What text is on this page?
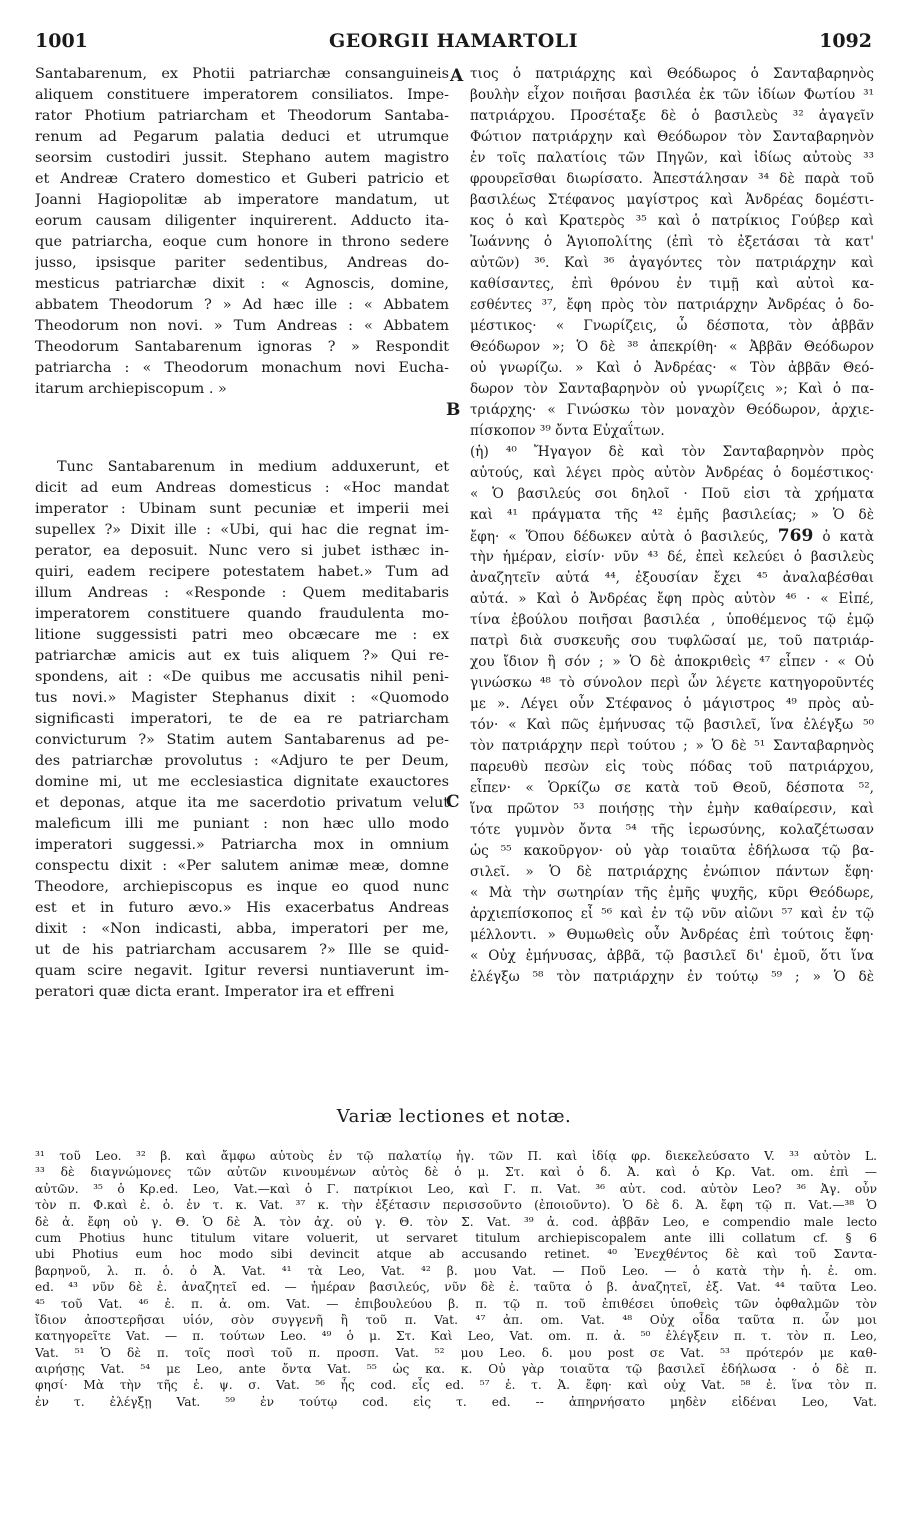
1001	GEORGII HAMARTOLI	1092
A
B
C
Santabarenum, ex Photii patriarchæ consanguineis
aliquem constituere imperatorem consiliatos. Impe-
rator Photium patriarcham et Theodorum Santaba-
renum ad Pegarum palatia deduci et utrumque
seorsim custodiri jussit. Stephano autem magistro
et Andreæ Cratero domestico et Guberi patricio et
Joanni Hagiopolitæ ab imperatore mandatum, ut
eorum causam diligenter inquirerent. Adducto ita-
que patriarcha, eoque cum honore in throno sedere
jusso, ipsisque pariter sedentibus, Andreas do-
mesticus patriarchæ dixit : « Agnoscis, domine,
abbatem Theodorum ? » Ad hæc ille : « Abbatem
Theodorum non novi. » Tum Andreas : « Abbatem
Theodorum Santabarenum ignoras ? » Respondit
patriarcha : « Theodorum monachum novi Eucha-
itarum archiepiscopum . »
Tunc Santabarenum in medium adduxerunt, et
dicit ad eum Andreas domesticus : «Hoc mandat
imperator : Ubinam sunt pecuniæ et imperii mei
supellex ?» Dixit ille : «Ubi, qui hac die regnat im-
perator, ea deposuit. Nunc vero si jubet isthæc in-
quiri, eadem recipere potestatem habet.» Tum ad
illum Andreas : «Responde : Quem meditabaris
imperatorem constituere quando fraudulenta mo-
litione suggessisti patri meo obcæcare me : ex
patriarchæ amicis aut ex tuis aliquem ?» Qui re-
spondens, ait : «De quibus me accusatis nihil peni-
tus novi.» Magister Stephanus dixit : «Quomodo
significasti imperatori, te de ea re patriarcham
convicturum ?» Statim autem Santabarenus ad pe-
des patriarchæ provolutus : «Adjuro te per Deum,
domine mi, ut me ecclesiastica dignitate exauctores
et deponas, atque ita me sacerdotio privatum velut
maleficum illi me puniant : non hæc ullo modo
imperatori suggessi.» Patriarcha mox in omnium
conspectu dixit : «Per salutem animæ meæ, domne
Theodore, archiepiscopus es inque eo quod nunc
est et in futuro ævo.» His exacerbatus Andreas
dixit : «Non indicasti, abba, imperatori per me,
ut de his patriarcham accusarem ?» Ille se quid-
quam scire negavit. Igitur reversi nuntiaverunt im-
peratori quæ dicta erant. Imperator ira et effreni
τιος ὁ πατριάρχης καὶ Θεόδωρος ὁ Σανταβαρηνὸς
βουλὴν εἶχον ποιῆσαι βασιλέα ἐκ τῶν ἰδίων Φωτίου ³¹
πατριάρχου. Προσέταξε δὲ ὁ βασιλεὺς ³² ἀγαγεῖν
Φώτιον πατριάρχην καὶ Θεόδωρον τὸν Σανταβαρηνὸν
ἐν τοῖς παλατίοις τῶν Πηγῶν, καὶ ἰδίως αὐτοὺς ³³
φρουρεῖσθαι διωρίσατο. Ἀπεστάλησαν ³⁴ δὲ παρὰ τοῦ
βασιλέως Στέφανος μαγίστρος καὶ Ἀνδρέας δομέστι-
κος ὁ καὶ Κρατερὸς ³⁵ καὶ ὁ πατρίκιος Γούβερ καὶ
Ἰωάννης ὁ Ἁγιοπολίτης (ἐπὶ τὸ ἐξετάσαι τὰ κατ'
αὐτῶν) ³⁶. Καὶ ³⁶ ἀγαγόντες τὸν πατριάρχην καὶ
καθίσαντες, ἐπὶ θρόνου ἐν τιμῇ καὶ αὐτοὶ κα-
εσθέντες ³⁷, ἔφη πρὸς τὸν πατριάρχην Ἀνδρέας ὁ δο-
μέστικος· « Γνωρίζεις, ὦ δέσποτα, τὸν ἀββᾶν
Θεόδωρον »; Ὁ δὲ ³⁸ ἀπεκρίθη· « Ἀββᾶν Θεόδωρον
οὐ γνωρίζω. » Καὶ ὁ Ἀνδρέας· « Τὸν ἀββᾶν Θεό-
δωρον τὸν Σανταβαρηνὸν οὐ γνωρίζεις »; Καὶ ὁ πα-
τριάρχης· « Γινώσκω τὸν μοναχὸν Θεόδωρον, ἀρχιε-
πίσκοπον ³⁹ ὄντα Εὐχαΐτων.
(ἡ) ⁴⁰ Ἤγαγον δὲ καὶ τὸν Σανταβαρηνὸν πρὸς
αὐτούς, καὶ λέγει πρὸς αὐτὸν Ἀνδρέας ὁ δομέστικος·
« Ὁ βασιλεύς σοι δηλοῖ · Ποῦ εἰσι τὰ χρήματα
καὶ ⁴¹ πράγματα τῆς ⁴² ἐμῆς βασιλείας; » Ὁ δὲ
ἔφη· « Ὅπου δέδωκεν αὐτὰ ὁ βασιλεύς, 769 ὁ κατὰ
τὴν ἡμέραν, εἰσίν· νῦν ⁴³ δέ, ἐπεὶ κελεύει ὁ βασιλεὺς
ἀναζητεῖν αὐτά ⁴⁴, ἐξουσίαν ἔχει ⁴⁵ ἀναλαβέσθαι
αὐτά. » Καὶ ὁ Ἀνδρέας ἔφη πρὸς αὐτὸν ⁴⁶ · « Εἰπέ,
τίνα ἐβούλου ποιῆσαι βασιλέα , ὑποθέμενος τῷ ἐμῷ
πατρὶ διὰ συσκευῆς σου τυφλῶσαί με, τοῦ πατριάρ-
χου ἴδιον ἢ σόν ; » Ὁ δὲ ἀποκριθεὶς ⁴⁷ εἶπεν · « Οὐ
γινώσκω ⁴⁸ τὸ σύνολον περὶ ὧν λέγετε κατηγοροῦντές
με ». Λέγει οὖν Στέφανος ὁ μάγιστρος ⁴⁹ πρὸς αὐ-
τόν· « Καὶ πῶς ἐμήνυσας τῷ βασιλεῖ, ἵνα ἐλέγξω ⁵⁰
τὸν πατριάρχην περὶ τούτου ; » Ὁ δὲ ⁵¹ Σανταβαρηνὸς
παρευθὺ πεσὼν εἰς τοὺς πόδας τοῦ πατριάρχου,
εἶπεν· « Ὁρκίζω σε κατὰ τοῦ Θεοῦ, δέσποτα ⁵²,
ἵνα πρῶτον ⁵³ ποιήσῃς τὴν ἐμὴν καθαίρεσιν, καὶ
τότε γυμνὸν ὄντα ⁵⁴ τῆς ἱερωσύνης, κολαζέτωσαν
ὡς ⁵⁵ κακοῦργον· οὐ γὰρ τοιαῦτα ἐδήλωσα τῷ βα-
σιλεῖ. » Ὁ δὲ πατριάρχης ἐνώπιον πάντων ἔφη·
« Μὰ τὴν σωτηρίαν τῆς ἐμῆς ψυχῆς, κῦρι Θεόδωρε,
ἀρχιεπίσκοπος εἶ ⁵⁶ καὶ ἐν τῷ νῦν αἰῶνι ⁵⁷ καὶ ἐν τῷ
μέλλοντι. » Θυμωθεὶς οὖν Ἀνδρέας ἐπὶ τούτοις ἔφη·
« Οὐχ ἐμήνυσας, ἀββᾶ, τῷ βασιλεῖ δι' ἐμοῦ, ὅτι ἵνα
ἐλέγξω ⁵⁸ τὸν πατριάρχην ἐν τούτῳ ⁵⁹ ; » Ὁ δὲ
Variæ lectiones et notæ.
³¹ τοῦ Leo. ³² β. καὶ ἄμφω αὐτοὺς ἐν τῷ παλατίῳ ἠγ. τῶν Π. καὶ ἰδίᾳ φρ. διεκελεύσατο V. ³³ αὐτὸν L.
³³ δὲ διαγνώμονες τῶν αὐτῶν κινουμένων αὐτὸς δὲ ὁ μ. Στ. καὶ ὁ δ. Ἀ. καὶ ὁ Κρ. Vat. om. ἐπὶ —
αὐτῶν. ³⁵ ὁ Κρ.ed. Leo, Vat.—καὶ ὁ Γ. πατρίκιοι Leo, καὶ Γ. π. Vat. ³⁶ αὐτ. cod. αὐτὸν Leo? ³⁶ Ἀγ. οὖν
τὸν π. Φ.καὶ ἐ. ὁ. ἐν τ. κ. Vat. ³⁷ κ. τὴν ἐξέτασιν περισσοῦντο (ἐποιοῦντο). Ὁ δὲ δ. Ἀ. ἔφη τῷ π. Vat.—³⁸ Ὁ
δὲ ἀ. ἔφη οὐ γ. Θ. Ὁ δὲ Ἀ. τὸν ἀχ. οὐ γ. Θ. τὸν Σ. Vat. ³⁹ ἀ. cod. ἀββᾶν Leo, e compendio male lecto
cum Photius hunc titulum vitare voluerit, ut servaret titulum archiepiscopalem ante illi collatum cf. § 6
ubi Photius eum hoc modo sibi devincit atque ab accusando retinet. ⁴⁰ Ἐνεχθέντος δὲ καὶ τοῦ Σαντα-
βαρηνοῦ, λ. π. ὁ. ὁ Ἀ. Vat. ⁴¹ τὰ Leo, Vat. ⁴² β. μου Vat. — Ποῦ Leo. — ὁ κατὰ τὴν ἡ. ἐ. om.
ed. ⁴³ νῦν δὲ ἐ. ἀναζητεῖ ed. — ἡμέραν βασιλεύς, νῦν δὲ ἐ. ταῦτα ὁ β. ἀναζητεῖ, ἐξ. Vat. ⁴⁴ ταῦτα Leo.
⁴⁵ τοῦ Vat. ⁴⁶ ἐ. π. ἀ. om. Vat. — ἐπιβουλεύου β. π. τῷ π. τοῦ ἐπιθέσει ὑποθεὶς τῶν ὀφθαλμῶν τὸν
ἴδιον ἀποστερῆσαι υἱόν, σὸν συγγενῆ ἢ τοῦ π. Vat. ⁴⁷ ἀπ. om. Vat. ⁴⁸ Οὐχ οἶδα ταῦτα π. ὧν μοι
κατηγορεῖτε Vat. — π. τούτων Leo. ⁴⁹ ὁ μ. Στ. Καὶ Leo, Vat. om. π. ἀ. ⁵⁰ ἐλέγξειν π. τ. τὸν π. Leo,
Vat. ⁵¹ Ὁ δὲ π. τοῖς ποσὶ τοῦ π. προσπ. Vat. ⁵² μου Leo. δ. μου post σε Vat. ⁵³ πρότερόν με καθ-
αιρήσῃς Vat. ⁵⁴ με Leo, ante ὄντα Vat. ⁵⁵ ὡς κα. κ. Οὐ γὰρ τοιαῦτα τῷ βασιλεῖ ἐδήλωσα · ὁ δὲ π.
φησί· Μὰ τὴν τῆς ἐ. ψ. σ. Vat. ⁵⁶ ἧς cod. εἷς ed. ⁵⁷ ἐ. τ. Ἀ. ἔφη· καὶ οὐχ Vat. ⁵⁸ ἐ. ἵνα τὸν π.
ἐν τ. ἐλέγξῃ Vat. ⁵⁹ ἐν τούτῳ cod. εἰς τ. ed. -- ἀπηρνήσατο μηδὲν εἰδέναι Leo, Vat.
